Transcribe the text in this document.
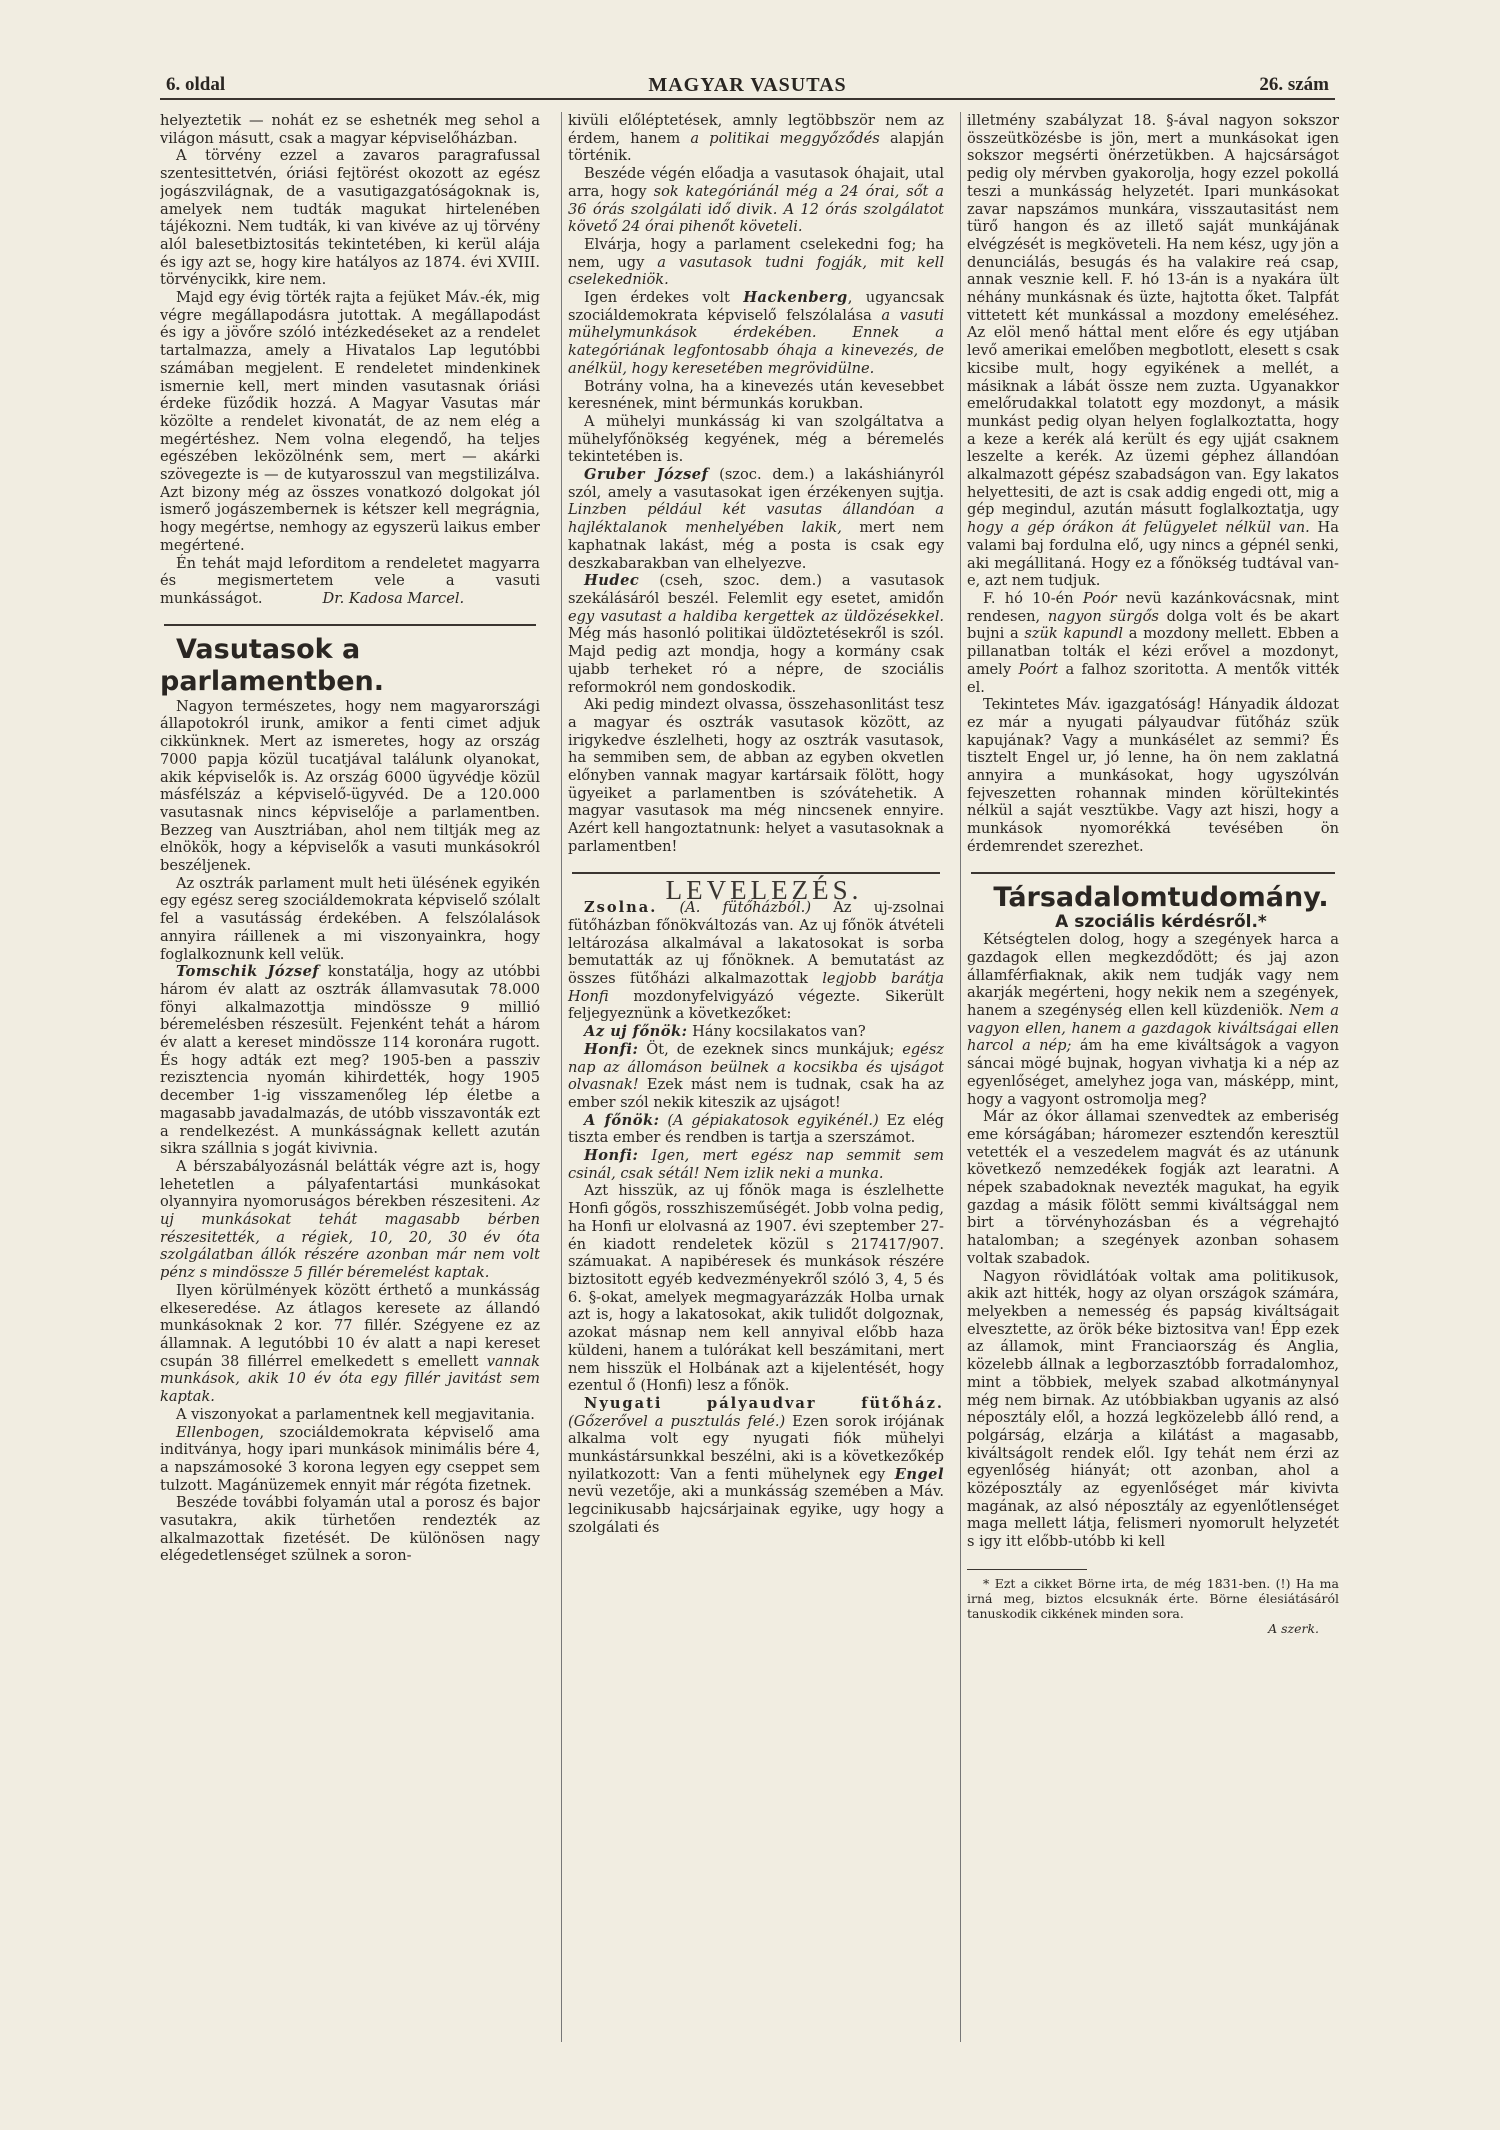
6. oldal	MAGYAR VASUTAS	26. szám

helyeztetik — nohát ez se eshetnék meg sehol a világon másutt, csak a magyar képviselőházban.

A törvény ezzel a zavaros paragrafussal szentesittetvén, óriási fejtörést okozott az egész jogászvilágnak, de a vasutigazgatóságoknak is, amelyek nem tudták magukat hirtelenében tájékozni. Nem tudták, ki van kivéve az uj törvény alól balesetbiztositás tekintetében, ki kerül alája és igy azt se, hogy kire hatályos az 1874. évi XVIII. törvénycikk, kire nem.

Majd egy évig törték rajta a fejüket Máv.-ék, mig végre megállapodásra jutottak. A megállapodást és igy a jövőre szóló intézkedéseket az a rendelet tartalmazza, amely a Hivatalos Lap legutóbbi számában megjelent. E rendeletet mindenkinek ismernie kell, mert minden vasutasnak óriási érdeke füződik hozzá. A Magyar Vasutas már közölte a rendelet kivonatát, de az nem elég a megértéshez. Nem volna elegendő, ha teljes egészében leközölnénk sem, mert — akárki szövegezte is — de kutyarosszul van megstilizálva. Azt bizony még az összes vonatkozó dolgokat jól ismerő jogászembernek is kétszer kell megrágnia, hogy megértse, nemhogy az egyszerü laikus ember megértené.

Én tehát majd leforditom a rendeletet magyarra és megismertetem vele a vasuti munkásságot.	Dr. Kadosa Marcel.

Vasutasok a parlamentben.

Nagyon természetes, hogy nem magyarországi állapotokról irunk, amikor a fenti cimet adjuk cikkünknek. Mert az ismeretes, hogy az ország 7000 papja közül tucatjával találunk olyanokat, akik képviselők is. Az ország 6000 ügyvédje közül másfélszáz a képviselő-ügyvéd. De a 120.000 vasutasnak nincs képviselője a parlamentben. Bezzeg van Ausztriában, ahol nem tiltják meg az elnökök, hogy a képviselők a vasuti munkásokról beszéljenek.

Az osztrák parlament mult heti ülésének egyikén egy egész sereg szociáldemokrata képviselő szólalt fel a vasutásság érdekében. A felszólalások annyira ráillenek a mi viszonyainkra, hogy foglalkoznunk kell velük.

Tomschik József konstatálja, hogy az utóbbi három év alatt az osztrák államvasutak 78.000 fönyi alkalmazottja mindössze 9 millió béremelésben részesült. Fejenként tehát a három év alatt a kereset mindössze 114 koronára rugott. És hogy adták ezt meg? 1905-ben a passziv rezisztencia nyomán kihirdették, hogy 1905 december 1-ig visszamenőleg lép életbe a magasabb javadalmazás, de utóbb visszavonták ezt a rendelkezést. A munkásságnak kellett azután sikra szállnia s jogát kivivnia.

A bérszabályozásnál belátták végre azt is, hogy lehetetlen a pályafentartási munkásokat olyannyira nyomoruságos bérekben részesiteni. Az uj munkásokat tehát magasabb bérben részesitették, a régiek, 10, 20, 30 év óta szolgálatban állók részére azonban már nem volt pénz s mindössze 5 fillér béremelést kaptak.

Ilyen körülmények között érthető a munkásság elkeseredése. Az átlagos keresete az állandó munkásoknak 2 kor. 77 fillér. Szégyene ez az államnak. A legutóbbi 10 év alatt a napi kereset csupán 38 fillérrel emelkedett s emellett vannak munkások, akik 10 év óta egy fillér javitást sem kaptak.

A viszonyokat a parlamentnek kell megjavitania.

Ellenbogen, szociáldemokrata képviselő ama inditványa, hogy ipari munkások minimális bére 4, a napszámosoké 3 korona legyen egy cseppet sem tulzott. Magánüzemek ennyit már régóta fizetnek.

Beszéde további folyamán utal a porosz és bajor vasutakra, akik türhetően rendezték az alkalmazottak fizetését. De különösen nagy elégedetlenséget szülnek a soron-

kivüli előléptetések, amnly legtöbbször nem az érdem, hanem a politikai meggyőződés alapján történik.

Beszéde végén előadja a vasutasok óhajait, utal arra, hogy sok kategóriánál még a 24 órai, sőt a 36 órás szolgálati idő divik. A 12 órás szolgálatot követő 24 órai pihenőt követeli.

Elvárja, hogy a parlament cselekedni fog; ha nem, ugy a vasutasok tudni fogják, mit kell cselekedniök.

Igen érdekes volt Hackenberg, ugyancsak szociáldemokrata képviselő felszólalása a vasuti mühelymunkások érdekében. Ennek a kategóriának legfontosabb óhaja a kinevezés, de anélkül, hogy keresetében megrövidülne.

Botrány volna, ha a kinevezés után kevesebbet keresnének, mint bérmunkás korukban.

A mühelyi munkásság ki van szolgáltatva a mühelyfőnökség kegyének, még a béremelés tekintetében is.

Gruber József (szoc. dem.) a lakáshiányról szól, amely a vasutasokat igen érzékenyen sujtja. Linzben például két vasutas állandóan a hajléktalanok menhelyében lakik, mert nem kaphatnak lakást, még a posta is csak egy deszkabarakban van elhelyezve.

Hudec (cseh, szoc. dem.) a vasutasok szekálásáról beszél. Felemlit egy esetet, amidőn egy vasutast a haldiba kergettek az üldözésekkel. Még más hasonló politikai üldöztetésekről is szól. Majd pedig azt mondja, hogy a kormány csak ujabb terheket ró a népre, de szociális reformokról nem gondoskodik.

Aki pedig mindezt olvassa, összehasonlitást tesz a magyar és osztrák vasutasok között, az irigykedve észlelheti, hogy az osztrák vasutasok, ha semmiben sem, de abban az egyben okvetlen előnyben vannak magyar kartársaik fölött, hogy ügyeiket a parlamentben is szóvátehetik. A magyar vasutasok ma még nincsenek ennyire. Azért kell hangoztatnunk: helyet a vasutasoknak a parlamentben!

LEVELEZÉS.

Zsolna. (A. fütőházból.) Az uj-zsolnai fütőházban főnökváltozás van. Az uj főnök átvételi leltározása alkalmával a lakatosokat is sorba bemutatták az uj főnöknek. A bemutatást az összes fütőházi alkalmazottak legjobb barátja Honfi mozdonyfelvigyázó végezte. Sikerült feljegyeznünk a következőket:

Az uj főnök: Hány kocsilakatos van?

Honfi: Öt, de ezeknek sincs munkájuk; egész nap az állomáson beülnek a kocsikba és ujságot olvasnak! Ezek mást nem is tudnak, csak ha az ember szól nekik kiteszik az ujságot!

A főnök: (A gépiakatosok egyikénél.) Ez elég tiszta ember és rendben is tartja a szerszámot.

Honfi: Igen, mert egész nap semmit sem csinál, csak sétál! Nem izlik neki a munka.

Azt hisszük, az uj főnök maga is észlelhette Honfi gőgös, rosszhiszeműségét. Jobb volna pedig, ha Honfi ur elolvasná az 1907. évi szeptember 27-én kiadott rendeletek közül s 217417/907. számuakat. A napibéresek és munkások részére biztositott egyéb kedvezményekről szóló 3, 4, 5 és 6. §-okat, amelyek megmagyarázzák Holba urnak azt is, hogy a lakatosokat, akik tulidőt dolgoznak, azokat másnap nem kell annyival előbb haza küldeni, hanem a tulórákat kell beszámitani, mert nem hisszük el Holbának azt a kijelentését, hogy ezentul ő (Honfi) lesz a főnök.

Nyugati pályaudvar fütőház. (Gőzerővel a pusztulás felé.) Ezen sorok irójának alkalma volt egy nyugati fiók mühelyi munkástársunkkal beszélni, aki is a következőkép nyilatkozott: Van a fenti mühelynek egy Engel nevü vezetője, aki a munkásság szemében a Máv. legcinikusabb hajcsárjainak egyike, ugy hogy a szolgálati és

illetmény szabályzat 18. §-ával nagyon sokszor összeütközésbe is jön, mert a munkásokat igen sokszor megsérti önérzetükben. A hajcsárságot pedig oly mérvben gyakorolja, hogy ezzel pokollá teszi a munkásság helyzetét. Ipari munkásokat zavar napszámos munkára, visszautasitást nem türő hangon és az illető saját munkájának elvégzését is megköveteli. Ha nem kész, ugy jön a denunciálás, besugás és ha valakire reá csap, annak vesznie kell. F. hó 13-án is a nyakára ült néhány munkásnak és üzte, hajtotta őket. Talpfát vittetett két munkással a mozdony emeléséhez. Az elöl menő háttal ment előre és egy utjában levő amerikai emelőben megbotlott, elesett s csak kicsibe mult, hogy egyikének a mellét, a másiknak a lábát össze nem zuzta. Ugyanakkor emelőrudakkal tolatott egy mozdonyt, a másik munkást pedig olyan helyen foglalkoztatta, hogy a keze a kerék alá került és egy ujját csaknem leszelte a kerék. Az üzemi géphez állandóan alkalmazott gépész szabadságon van. Egy lakatos helyettesiti, de azt is csak addig engedi ott, mig a gép megindul, azután másutt foglalkoztatja, ugy hogy a gép órákon át felügyelet nélkül van. Ha valami baj fordulna elő, ugy nincs a gépnél senki, aki megállitaná. Hogy ez a főnökség tudtával van-e, azt nem tudjuk.

F. hó 10-én Poór nevü kazánkovácsnak, mint rendesen, nagyon sürgős dolga volt és be akart bujni a szük kapundl a mozdony mellett. Ebben a pillanatban tolták el kézi erővel a mozdonyt, amely Poórt a falhoz szoritotta. A mentők vitték el.

Tekintetes Máv. igazgatóság! Hányadik áldozat ez már a nyugati pályaudvar fütőház szük kapujának? Vagy a munkásélet az semmi? És tisztelt Engel ur, jó lenne, ha ön nem zaklatná annyira a munkásokat, hogy ugyszólván fejveszetten rohannak minden körültekintés nélkül a saját vesztükbe. Vagy azt hiszi, hogy a munkások nyomorékká tevésében ön érdemrendet szerezhet.

Társadalomtudomány.

A szociális kérdésről.*

Kétségtelen dolog, hogy a szegények harca a gazdagok ellen megkezdődött; és jaj azon államférfiaknak, akik nem tudják vagy nem akarják megérteni, hogy nekik nem a szegények, hanem a szegénység ellen kell küzdeniök. Nem a vagyon ellen, hanem a gazdagok kiváltságai ellen harcol a nép; ám ha eme kiváltságok a vagyon sáncai mögé bujnak, hogyan vivhatja ki a nép az egyenlőséget, amelyhez joga van, másképp, mint, hogy a vagyont ostromolja meg?

Már az ókor államai szenvedtek az emberiség eme kórságában; háromezer esztendőn keresztül vetették el a veszedelem magvát és az utánunk következő nemzedékek fogják azt learatni. A népek szabadoknak nevezték magukat, ha egyik gazdag a másik fölött semmi kiváltsággal nem birt a törvényhozásban és a végrehajtó hatalomban; a szegények azonban sohasem voltak szabadok.

Nagyon rövidlátóak voltak ama politikusok, akik azt hitték, hogy az olyan országok számára, melyekben a nemesség és papság kiváltságait elvesztette, az örök béke biztositva van! Épp ezek az államok, mint Franciaország és Anglia, közelebb állnak a legborzasztóbb forradalomhoz, mint a többiek, melyek szabad alkotmánynyal még nem birnak. Az utóbbiakban ugyanis az alsó néposztály elől, a hozzá legközelebb álló rend, a polgárság, elzárja a kilátást a magasabb, kiváltságolt rendek elől. Igy tehát nem érzi az egyenlőség hiányát; ott azonban, ahol a középosztály az egyenlőséget már kivivta magának, az alsó néposztály az egyenlőtlenséget maga mellett látja, felismeri nyomorult helyzetét s igy itt előbb-utóbb ki kell

* Ezt a cikket Börne irta, de még 1831-ben. (!) Ha ma irná meg, biztos elcsuknák érte. Börne élesiátásáról tanuskodik cikkének minden sora.

A szerk.
